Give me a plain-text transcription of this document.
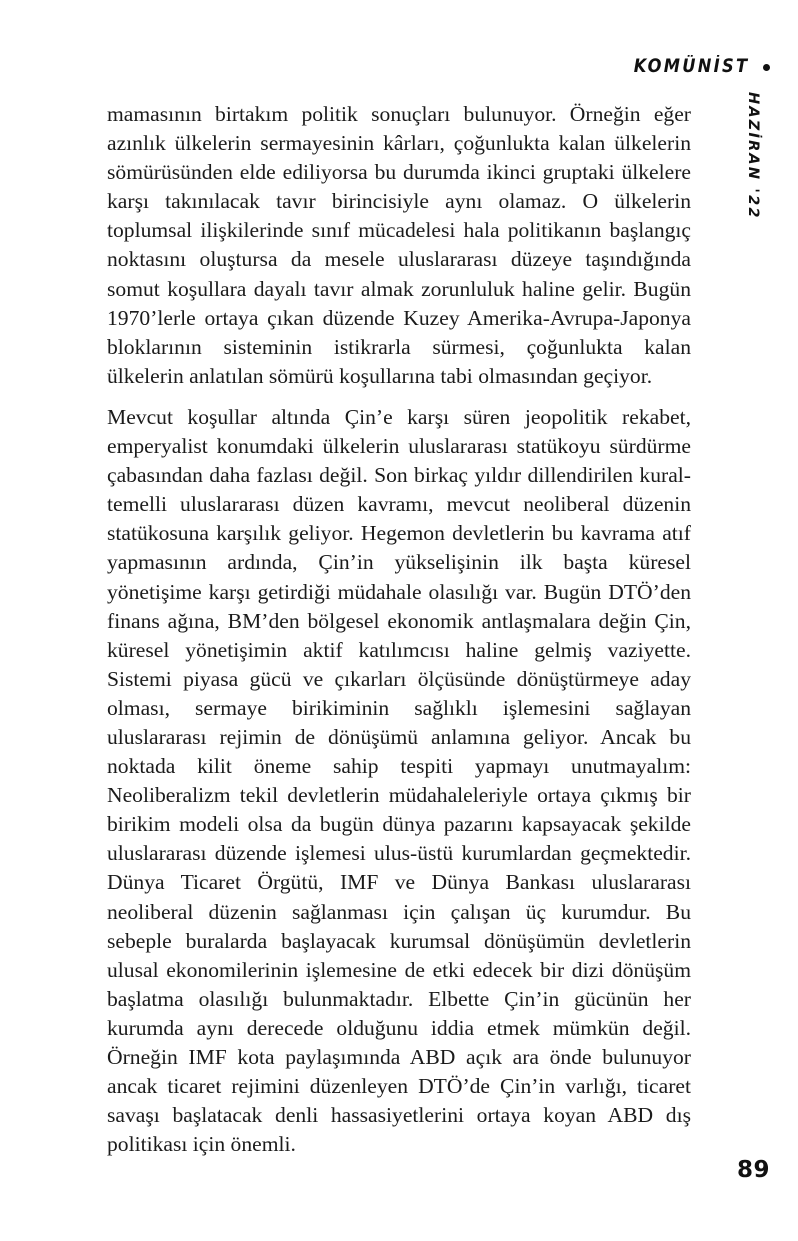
KOMÜNİST
HAZİRAN '22

mamasının birtakım politik sonuçları bulunuyor. Örneğin eğer azınlık ülkelerin sermayesinin kârları, çoğunlukta kalan ülkelerin sömürüsünden elde ediliyorsa bu durumda ikinci gruptaki ülkelere karşı takınılacak tavır birincisiyle aynı olamaz. O ülkelerin toplumsal ilişkilerinde sınıf mücadelesi hala politikanın başlangıç noktasını oluştursa da mesele uluslararası düzeye taşındığında somut koşullara dayalı tavır almak zorunluluk haline gelir. Bugün 1970’lerle ortaya çıkan düzende Kuzey Amerika-Avrupa-Japonya bloklarının sisteminin istikrarla sürmesi, çoğunlukta kalan ülkelerin anlatılan sömürü koşullarına tabi olmasından geçiyor.

Mevcut koşullar altında Çin’e karşı süren jeopolitik rekabet, emperyalist konumdaki ülkelerin uluslararası statükoyu sürdürme çabasından daha fazlası değil. Son birkaç yıldır dillendirilen kural-temelli uluslararası düzen kavramı, mevcut neoliberal düzenin statükosuna karşılık geliyor. Hegemon devletlerin bu kavrama atıf yapmasının ardında, Çin’in yükselişinin ilk başta küresel yönetişime karşı getirdiği müdahale olasılığı var. Bugün DTÖ’den finans ağına, BM’den bölgesel ekonomik antlaşmalara değin Çin, küresel yönetişimin aktif katılımcısı haline gelmiş vaziyette. Sistemi piyasa gücü ve çıkarları ölçüsünde dönüştürmeye aday olması, sermaye birikiminin sağlıklı işlemesini sağlayan uluslararası rejimin de dönüşümü anlamına geliyor. Ancak bu noktada kilit öneme sahip tespiti yapmayı unutmayalım: Neoliberalizm tekil devletlerin müdahaleleriyle ortaya çıkmış bir birikim modeli olsa da bugün dünya pazarını kapsayacak şekilde uluslararası düzende işlemesi ulus-üstü kurumlardan geçmektedir. Dünya Ticaret Örgütü, IMF ve Dünya Bankası uluslararası neoliberal düzenin sağlanması için çalışan üç kurumdur. Bu sebeple buralarda başlayacak kurumsal dönüşümün devletlerin ulusal ekonomilerinin işlemesine de etki edecek bir dizi dönüşüm başlatma olasılığı bulunmaktadır. Elbette Çin’in gücünün her kurumda aynı derecede olduğunu iddia etmek mümkün değil. Örneğin IMF kota paylaşımında ABD açık ara önde bulunuyor ancak ticaret rejimini düzenleyen DTÖ’de Çin’in varlığı, ticaret savaşı başlatacak denli hassasiyetlerini ortaya koyan ABD dış politikası için önemli.

89
